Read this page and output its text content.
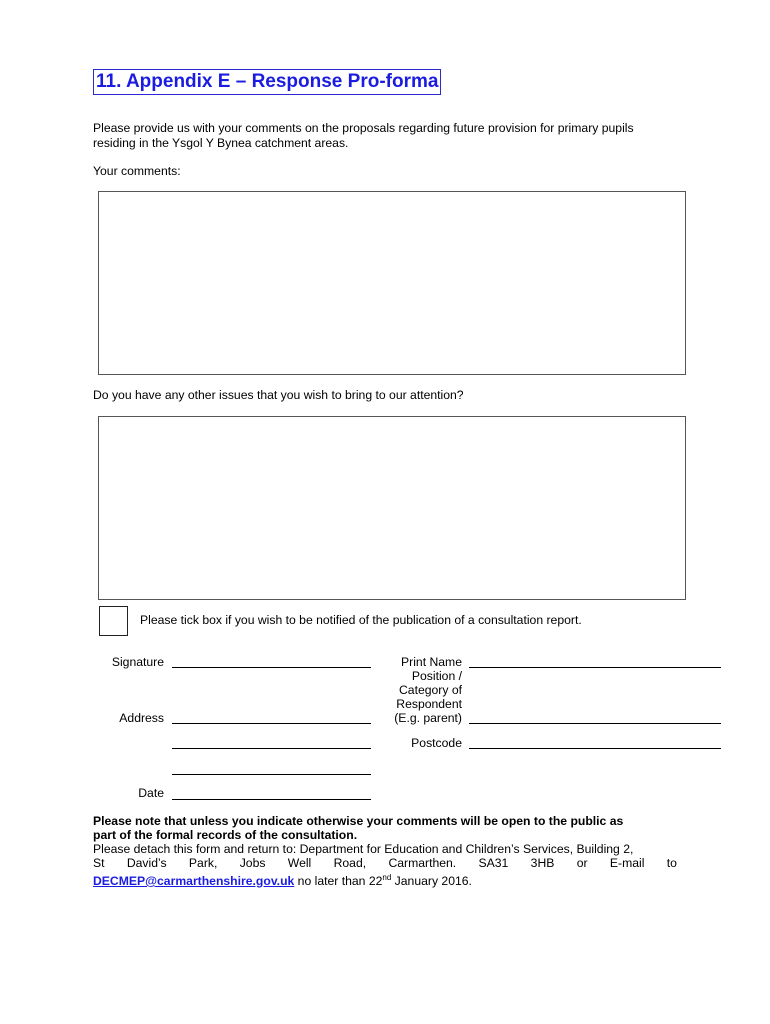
11. Appendix E – Response Pro-forma
Please provide us with your comments on the proposals regarding future provision for primary pupils
residing in the Ysgol Y Bynea catchment areas.
Your comments:
Do you have any other issues that you wish to bring to our attention?
Please tick box if you wish to be notified of the publication of a consultation report.
Signature
Address
Date
Print Name
Position /
Category of
Respondent
(E.g. parent)
Postcode
Please note that unless you indicate otherwise your comments will be open to the public as
part of the formal records of the consultation.
Please detach this form and return to: Department for Education and Children’s Services, Building 2,
St David’s Park, Jobs Well Road, Carmarthen. SA31 3HB or E-mail to
DECMEP@carmarthenshire.gov.uk no later than 22nd January 2016.
